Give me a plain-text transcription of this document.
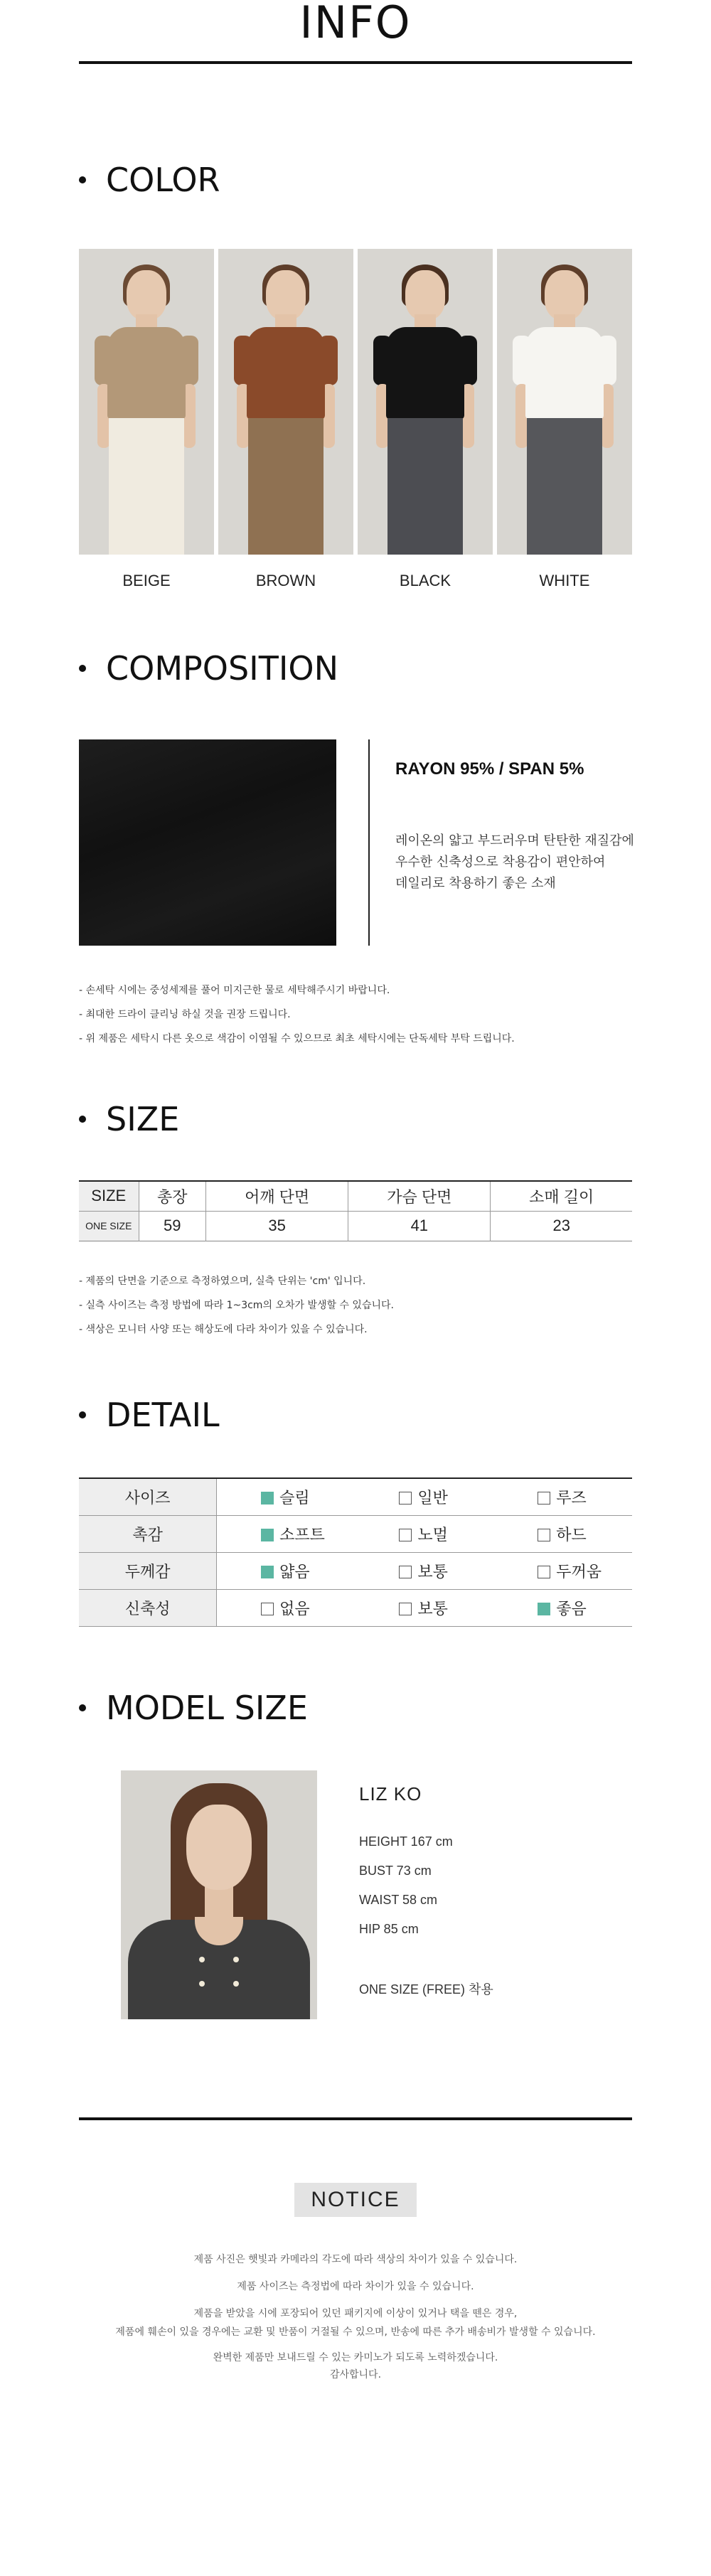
INFO
COLOR
BEIGE	BROWN	BLACK	WHITE
COMPOSITION
RAYON 95% / SPAN 5%
레이온의 얇고 부드러우며 탄탄한 재질감에
우수한 신축성으로 착용감이 편안하여
데일리로 착용하기 좋은 소재
- 손세탁 시에는 중성세제를 풀어 미지근한 물로 세탁해주시기 바랍니다.
- 최대한 드라이 클리닝 하실 것을 권장 드립니다.
- 위 제품은 세탁시 다른 옷으로 색감이 이염될 수 있으므로 최초 세탁시에는 단독세탁 부탁 드립니다.
SIZE
SIZE	총장	어깨 단면	가슴 단면	소매 길이
ONE SIZE	59	35	41	23
- 제품의 단면을 기준으로 측정하였으며, 실측 단위는 'cm' 입니다.
- 실측 사이즈는 측정 방법에 따라 1~3cm의 오차가 발생할 수 있습니다.
- 색상은 모니터 사양 또는 해상도에 다라 차이가 있을 수 있습니다.
DETAIL
사이즈	슬림	일반	루즈
촉감	소프트	노멀	하드
두께감	얇음	보통	두꺼움
신축성	없음	보통	좋음
MODEL SIZE
LIZ KO
HEIGHT 167 cm
BUST 73 cm
WAIST 58 cm
HIP 85 cm
ONE SIZE (FREE) 착용
NOTICE
제품 사진은 햇빛과 카메라의 각도에 따라 색상의 차이가 있을 수 있습니다.
제품 사이즈는 측정법에 따라 차이가 있을 수 있습니다.
제품을 받았을 시에 포장되어 있던 패키지에 이상이 있거나 택을 뗀은 경우,
제품에 훼손이 있을 경우에는 교환 및 반품이 거절될 수 있으며, 반송에 따른 추가 배송비가 발생할 수 있습니다.
완벽한 제품만 보내드릴 수 있는 카미노가 되도록 노력하겠습니다.
감사합니다.
